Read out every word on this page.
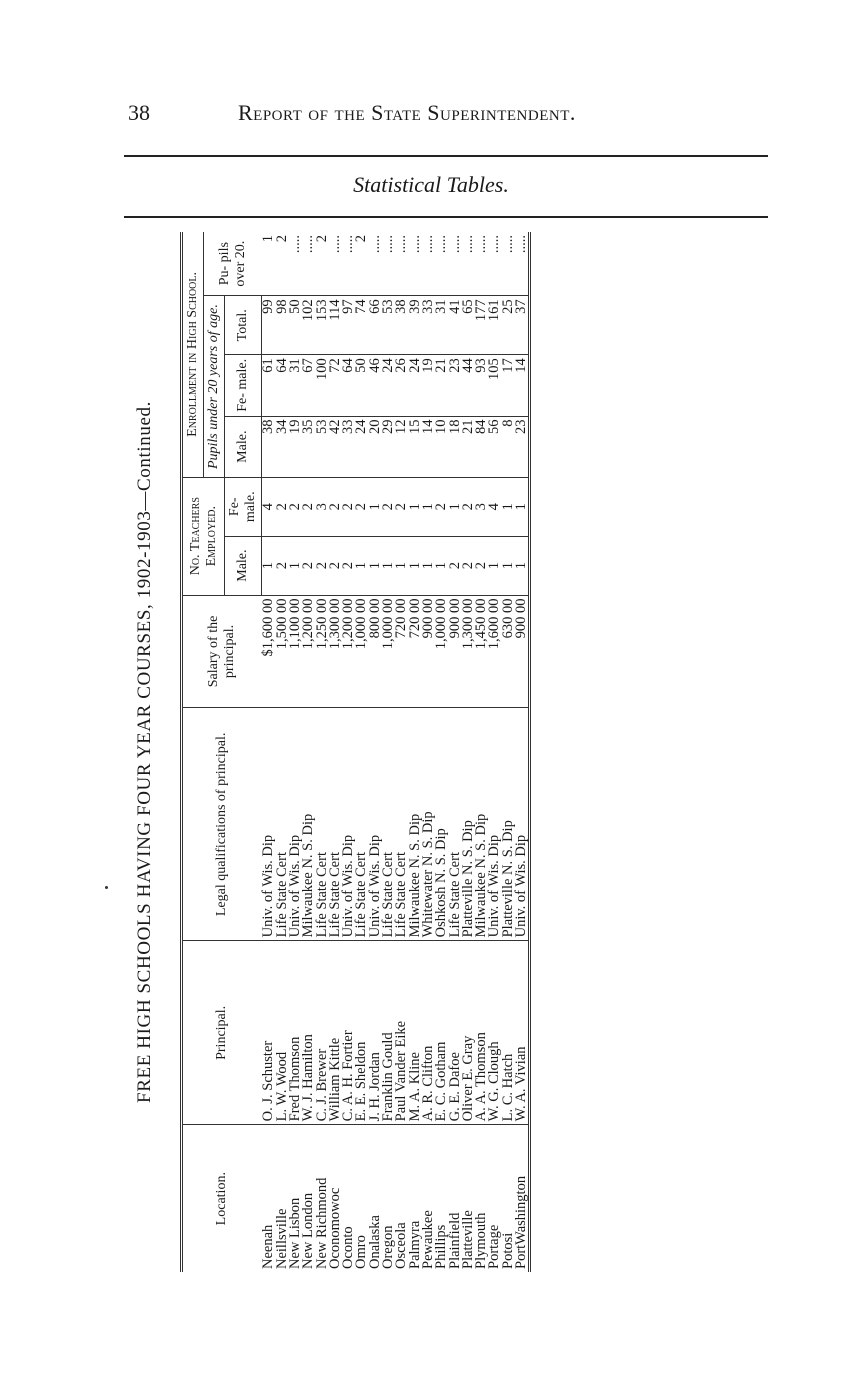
38	Report of the State Superintendent.
Statistical Tables.
FREE HIGH SCHOOLS HAVING FOUR YEAR COURSES, 1902-1903—Continued.
Location.	Principal.	Legal qualifications of principal.	Salary of the principal.	No. Teachers Employed.		Enrollment in High School.			
						Pupils under 20 years of age.			Pu- pils over 20.
				Male.	Fe- male.	Male.	Fe- male.	Total.	
Neenah	O. J. Schuster	Univ. of Wis. Dip	$1,600 00	1	4	38	61	99	1
Neillsville	L. W. Wood	Life State Cert	1,500 00	2	2	34	64	98	2
New Lisbon	Fred Thomson	Univ. of Wis. Dip	1,100 00	1	2	19	31	50	.....
New London	W. J. Hamilton	Milwaukee N. S. Dip	1,200 00	2	2	35	67	102	.....
New Richmond	C. J. Brewer	Life State Cert	1,250 00	2	3	53	100	153	2
Oconomowoc	William Kittle	Life State Cert	1,300 00	2	2	42	72	114	.....
Oconto	C. A. H. Fortier	Univ. of Wis. Dip	1,200 00	2	2	33	64	97	.....
Omro	E. E. Sheldon	Life State Cert	1,000 00	1	2	24	50	74	2
Onalaska	J. H. Jordan	Univ. of Wis. Dip	800 00	1	1	20	46	66	.....
Oregon	Franklin Gould	Life State Cert	1,000 00	1	2	29	24	53	.....
Osceola	Paul Vander Eike	Life State Cert	720 00	1	2	12	26	38	.....
Palmyra	M. A. Kline	Milwaukee N. S. Dip	720 00	1	1	15	24	39	.....
Pewaukee	A. R. Clifton	Whitewater N. S. Dip	900 00	1	1	14	19	33	.....
Phillips	E. C. Gotham	Oshkosh N. S. Dip	1,000 00	1	2	10	21	31	.....
Plainfield	G. E. Dafoe	Life State Cert	900 00	2	1	18	23	41	.....
Platteville	Oliver E. Gray	Platteville N. S. Dip	1,300 00	2	2	21	44	65	.....
Plymouth	A. A. Thomson	Milwaukee N. S. Dip	1,450 00	2	3	84	93	177	.....
Portage	W. G. Clough	Univ. of Wis. Dip	1,600 00	1	4	56	105	161	.....
Potosi	L. C. Hatch	Platteville N. S. Dip	630 00	1	1	8	17	25	.....
PortWashington	W. A. Vivian	Univ. of Wis. Dip	900 00	1	1	23	14	37	.....
